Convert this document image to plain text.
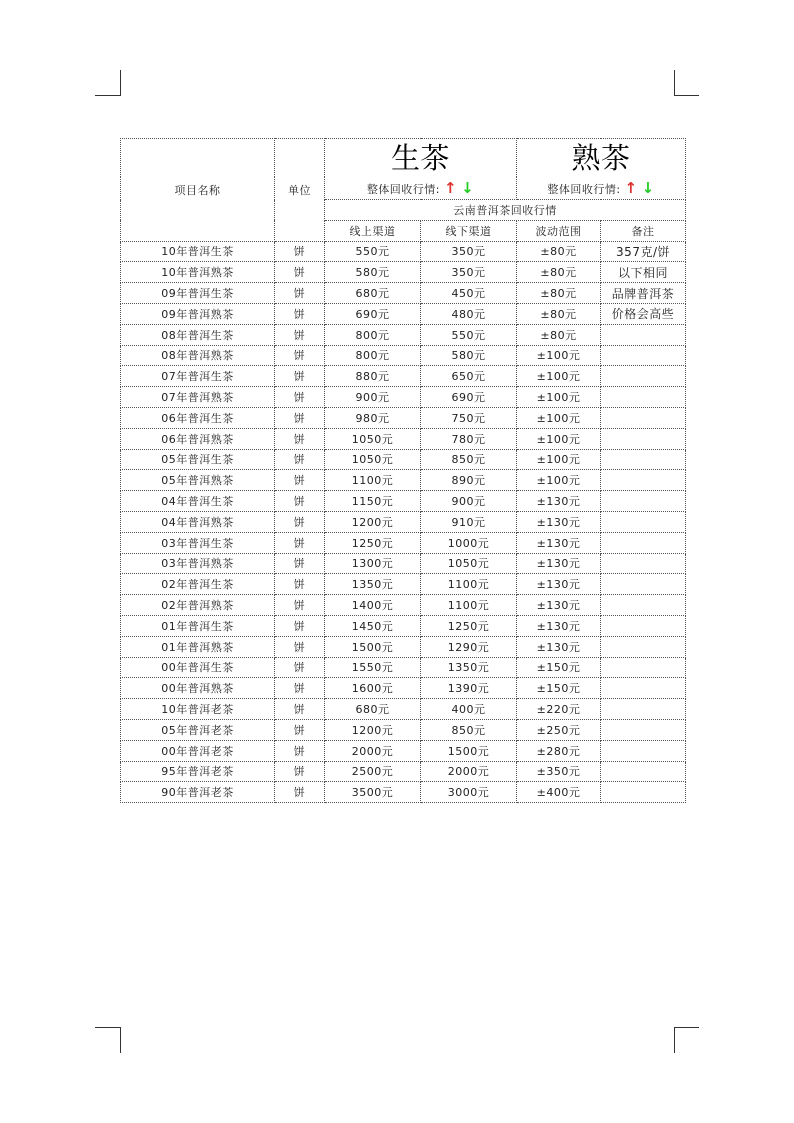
项目名称	单位	生茶		熟茶	
		整体回收行情: ↑ ↓		整体回收行情: ↑ ↓	
		云南普洱茶回收行情			
		线上渠道	线下渠道	波动范围	备注
10年普洱生茶	饼	550元	350元	±80元	357克/饼
10年普洱熟茶	饼	580元	350元	±80元	以下相同
09年普洱生茶	饼	680元	450元	±80元	品牌普洱茶
09年普洱熟茶	饼	690元	480元	±80元	价格会高些
08年普洱生茶	饼	800元	550元	±80元	
08年普洱熟茶	饼	800元	580元	±100元	
07年普洱生茶	饼	880元	650元	±100元	
07年普洱熟茶	饼	900元	690元	±100元	
06年普洱生茶	饼	980元	750元	±100元	
06年普洱熟茶	饼	1050元	780元	±100元	
05年普洱生茶	饼	1050元	850元	±100元	
05年普洱熟茶	饼	1100元	890元	±100元	
04年普洱生茶	饼	1150元	900元	±130元	
04年普洱熟茶	饼	1200元	910元	±130元	
03年普洱生茶	饼	1250元	1000元	±130元	
03年普洱熟茶	饼	1300元	1050元	±130元	
02年普洱生茶	饼	1350元	1100元	±130元	
02年普洱熟茶	饼	1400元	1100元	±130元	
01年普洱生茶	饼	1450元	1250元	±130元	
01年普洱熟茶	饼	1500元	1290元	±130元	
00年普洱生茶	饼	1550元	1350元	±150元	
00年普洱熟茶	饼	1600元	1390元	±150元	
10年普洱老茶	饼	680元	400元	±220元	
05年普洱老茶	饼	1200元	850元	±250元	
00年普洱老茶	饼	2000元	1500元	±280元	
95年普洱老茶	饼	2500元	2000元	±350元	
90年普洱老茶	饼	3500元	3000元	±400元	
